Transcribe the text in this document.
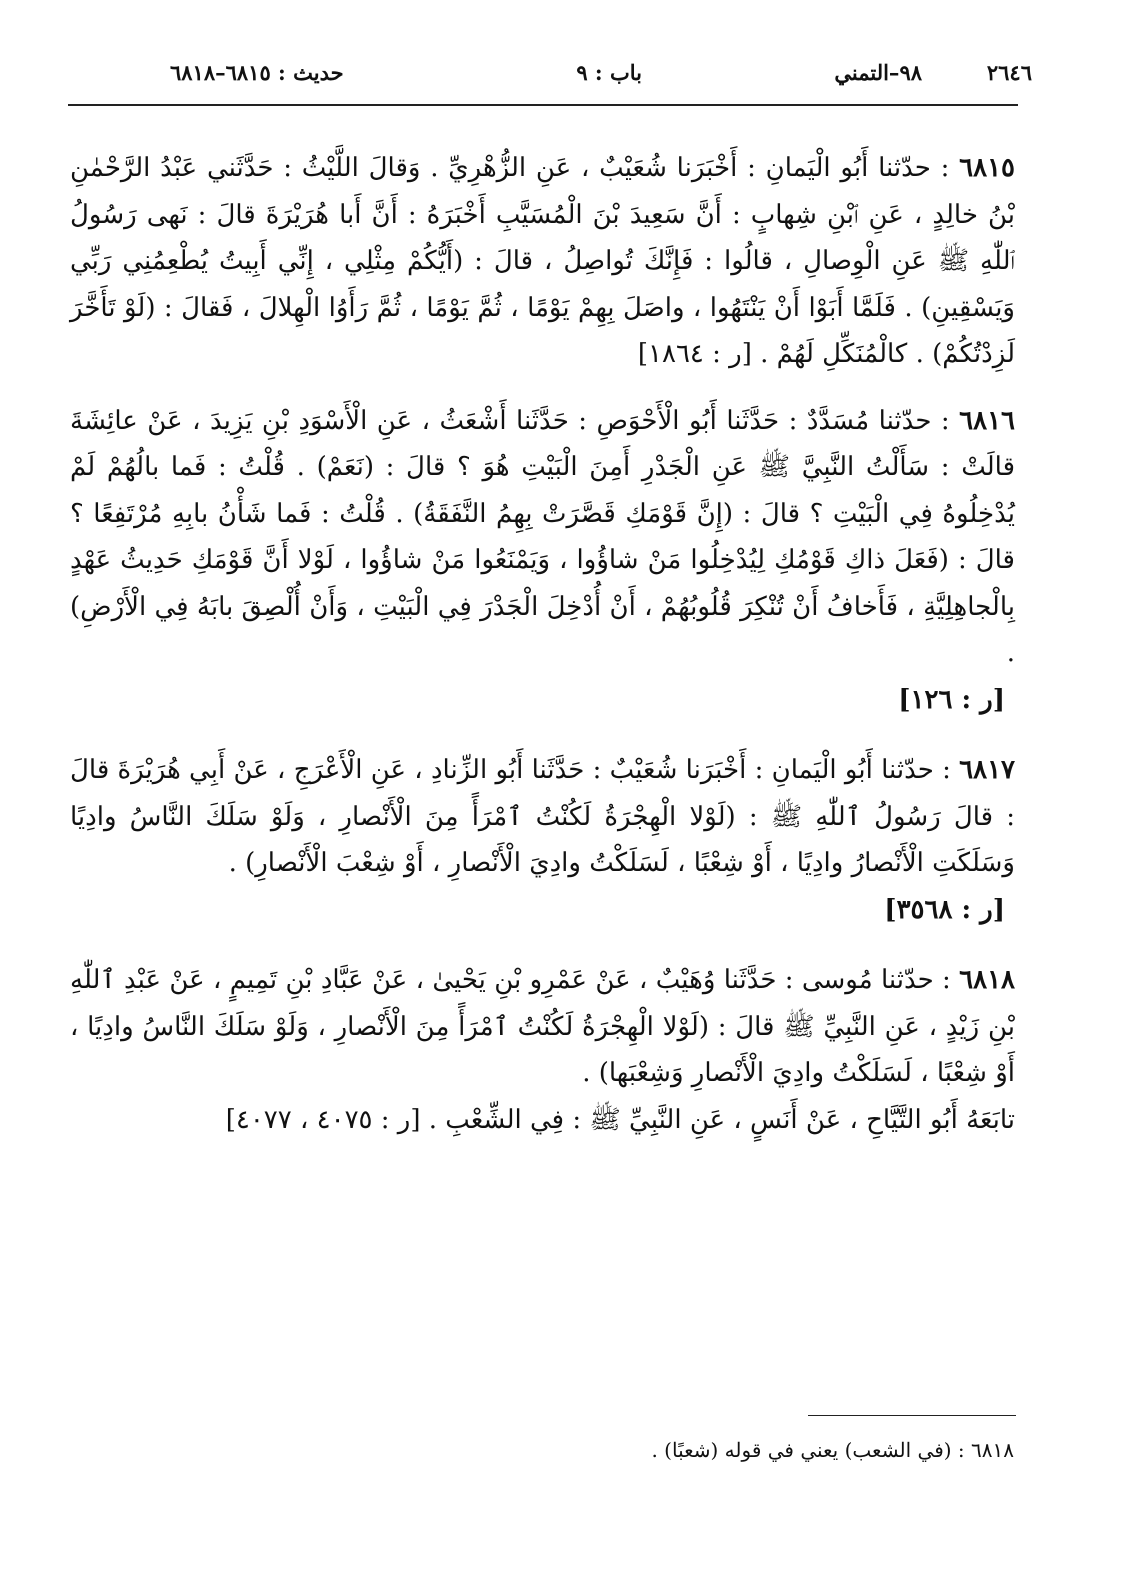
٢٦٤٦
٩٨–التمني
باب : ٩
حديث : ٦٨١٥–٦٨١٨

٦٨١٥ : حدّثنا أَبُو الْيَمانِ : أَخْبَرَنا شُعَيْبٌ ، عَنِ الزُّهْرِيِّ . وَقالَ اللَّيْثُ : حَدَّثَني عَبْدُ الرَّحْمٰنِ بْنُ خالِدٍ ، عَنِ ٱبْنِ شِهابٍ : أَنَّ سَعِيدَ بْنَ الْمُسَيَّبِ أَخْبَرَهُ : أَنَّ أَبا هُرَيْرَةَ قالَ : نَهى رَسُولُ ٱللّٰهِ ﷺ عَنِ الْوِصالِ ، قالُوا : فَإِنَّكَ تُواصِلُ ، قالَ : (أَيُّكُمْ مِثْلِي ، إِنِّي أَبِيتُ يُطْعِمُنِي رَبِّي وَيَسْقِينِ) . فَلَمَّا أَبَوْا أَنْ يَنْتَهُوا ، واصَلَ بِهِمْ يَوْمًا ، ثُمَّ يَوْمًا ، ثُمَّ رَأَوُا الْهِلالَ ، فَقالَ : (لَوْ تَأَخَّرَ لَزِدْتُكُمْ) . كالْمُنَكِّلِ لَهُمْ . [ر : ١٨٦٤]

٦٨١٦ : حدّثنا مُسَدَّدٌ : حَدَّثَنا أَبُو الْأَحْوَصِ : حَدَّثَنا أَشْعَثُ ، عَنِ الْأَسْوَدِ بْنِ يَزِيدَ ، عَنْ عائِشَةَ قالَتْ : سَأَلْتُ النَّبِيَّ ﷺ عَنِ الْجَدْرِ أَمِنَ الْبَيْتِ هُوَ ؟ قالَ : (نَعَمْ) . قُلْتُ : فَما بالُهُمْ لَمْ يُدْخِلُوهُ فِي الْبَيْتِ ؟ قالَ : (إِنَّ قَوْمَكِ قَصَّرَتْ بِهِمُ النَّفَقَةُ) . قُلْتُ : فَما شَأْنُ بابِهِ مُرْتَفِعًا ؟ قالَ : (فَعَلَ ذاكِ قَوْمُكِ لِيُدْخِلُوا مَنْ شاؤُوا ، وَيَمْنَعُوا مَنْ شاؤُوا ، لَوْلا أَنَّ قَوْمَكِ حَدِيثُ عَهْدٍ بِالْجاهِلِيَّةِ ، فَأَخافُ أَنْ تُنْكِرَ قُلُوبُهُمْ ، أَنْ أُدْخِلَ الْجَدْرَ فِي الْبَيْتِ ، وَأَنْ أُلْصِقَ بابَهُ فِي الْأَرْضِ) .
[ر : ١٢٦]

٦٨١٧ : حدّثنا أَبُو الْيَمانِ : أَخْبَرَنا شُعَيْبٌ : حَدَّثَنا أَبُو الزِّنادِ ، عَنِ الْأَعْرَجِ ، عَنْ أَبِي هُرَيْرَةَ قالَ : قالَ رَسُولُ ٱللّٰهِ ﷺ : (لَوْلا الْهِجْرَةُ لَكُنْتُ ٱمْرَأً مِنَ الْأَنْصارِ ، وَلَوْ سَلَكَ النَّاسُ وادِيًا وَسَلَكَتِ الْأَنْصارُ وادِيًا ، أَوْ شِعْبًا ، لَسَلَكْتُ وادِيَ الْأَنْصارِ ، أَوْ شِعْبَ الْأَنْصارِ) .
[ر : ٣٥٦٨]

٦٨١٨ : حدّثنا مُوسى : حَدَّثَنا وُهَيْبٌ ، عَنْ عَمْرِو بْنِ يَحْيىٰ ، عَنْ عَبَّادِ بْنِ تَمِيمٍ ، عَنْ عَبْدِ ٱللّٰهِ بْنِ زَيْدٍ ، عَنِ النَّبِيِّ ﷺ قالَ : (لَوْلا الْهِجْرَةُ لَكُنْتُ ٱمْرَأً مِنَ الْأَنْصارِ ، وَلَوْ سَلَكَ النَّاسُ وادِيًا ، أَوْ شِعْبًا ، لَسَلَكْتُ وادِيَ الْأَنْصارِ وَشِعْبَها) .
تابَعَهُ أَبُو التَّيَّاحِ ، عَنْ أَنَسٍ ، عَنِ النَّبِيِّ ﷺ : فِي الشِّعْبِ . [ر : ٤٠٧٥ ، ٤٠٧٧]

٦٨١٨ : (في الشعب) يعني في قوله (شعبًا) .
